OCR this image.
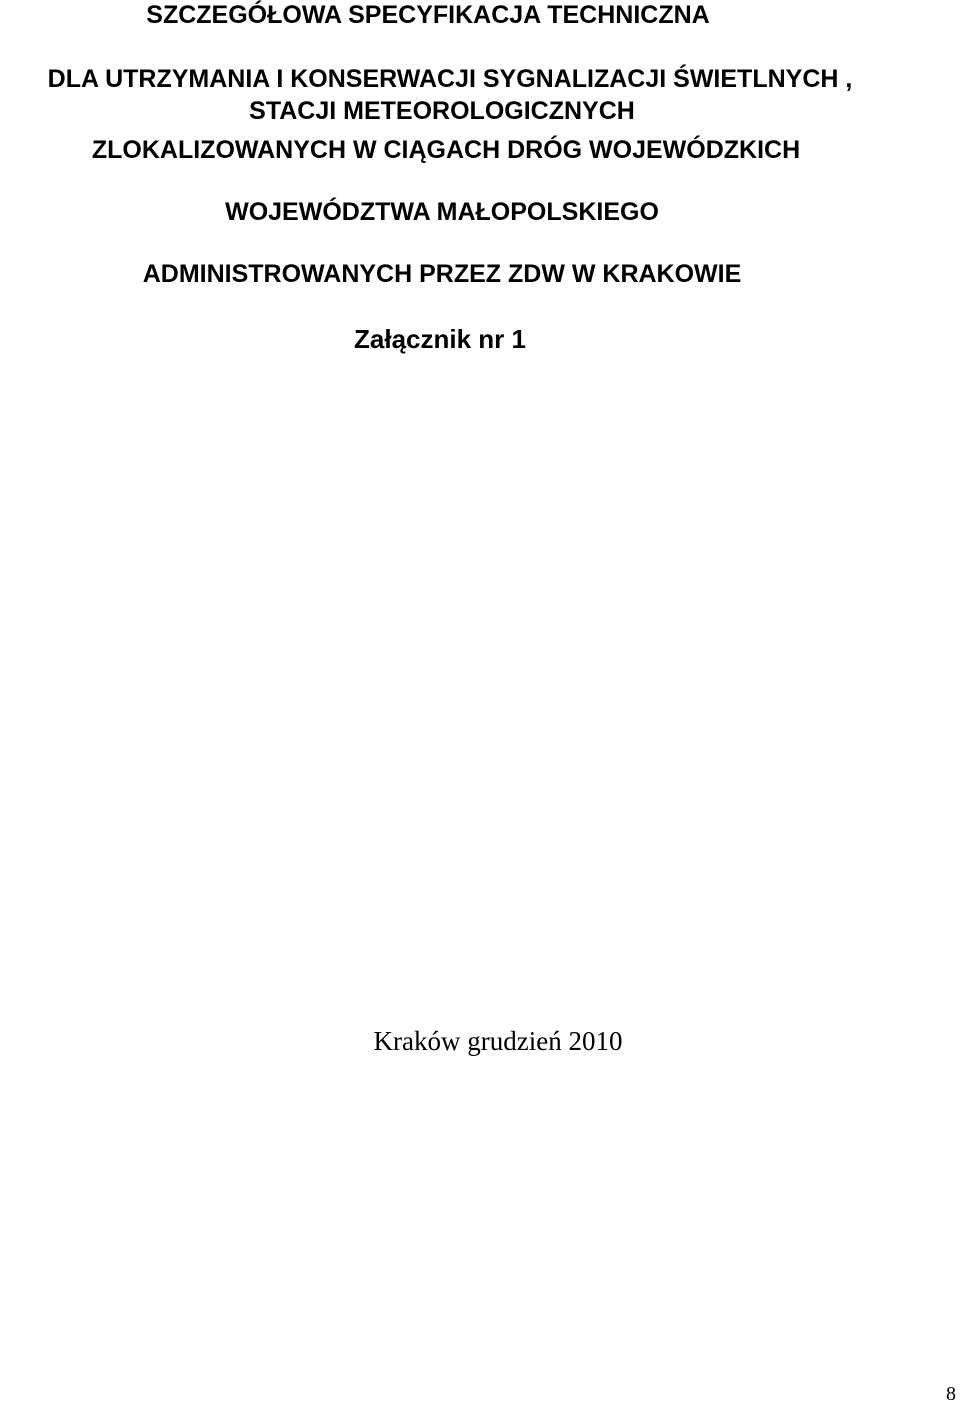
SZCZEGÓŁOWA SPECYFIKACJA TECHNICZNA
DLA UTRZYMANIA I KONSERWACJI SYGNALIZACJI ŚWIETLNYCH ,
STACJI METEOROLOGICZNYCH
ZLOKALIZOWANYCH W CIĄGACH DRÓG WOJEWÓDZKICH
WOJEWÓDZTWA MAŁOPOLSKIEGO
ADMINISTROWANYCH PRZEZ ZDW W KRAKOWIE
Załącznik nr 1
Kraków grudzień 2010
8
